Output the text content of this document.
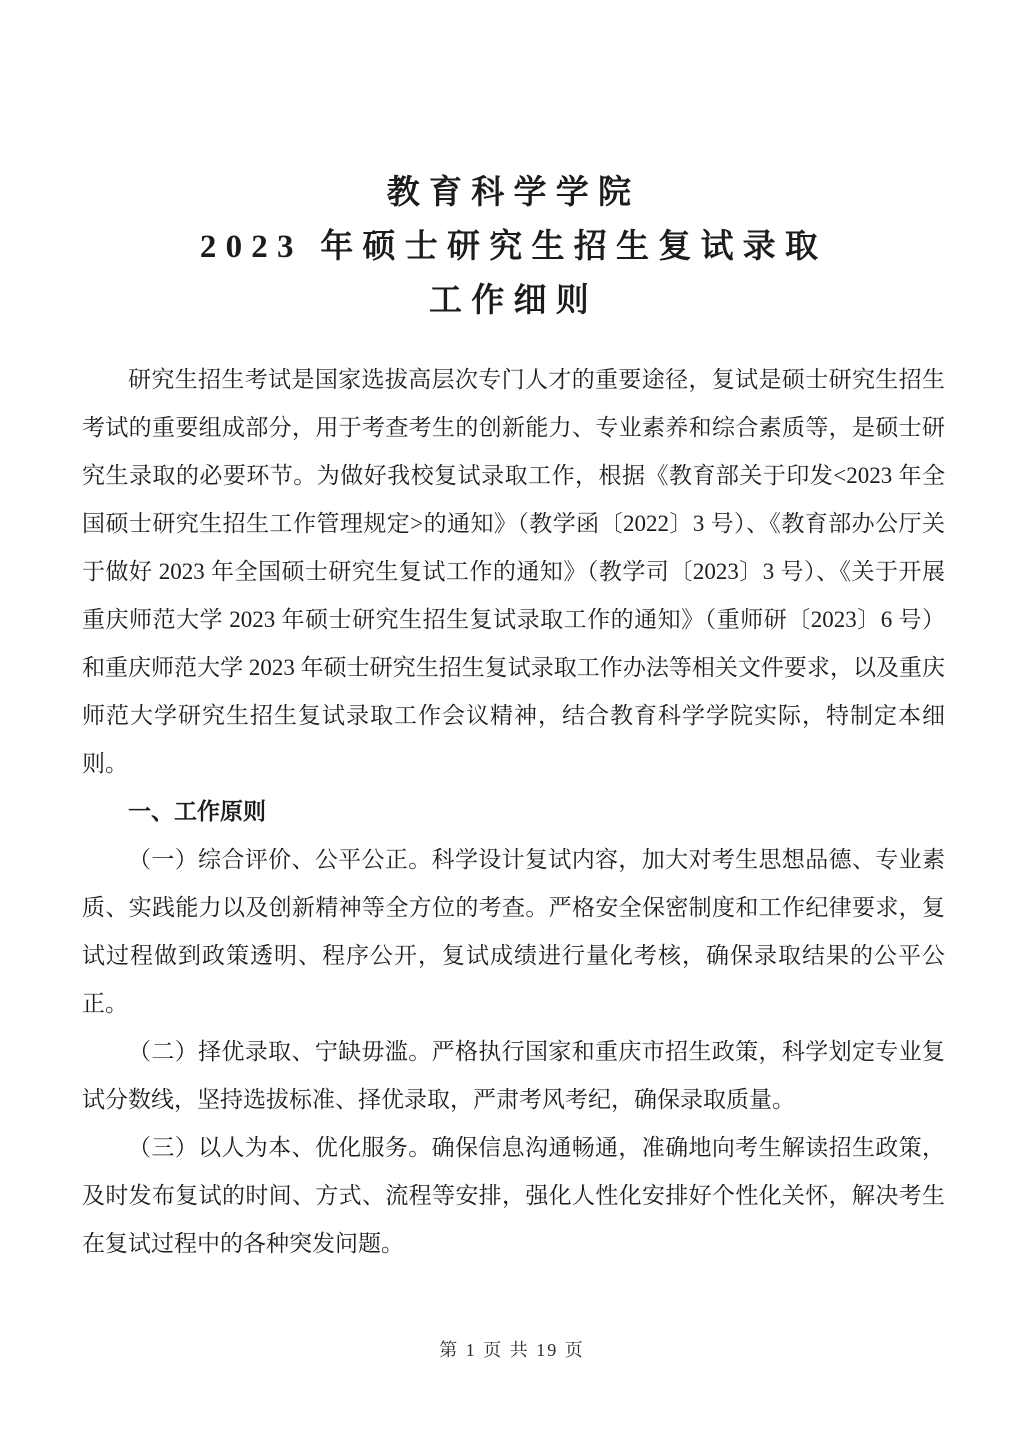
教育科学学院
2023 年硕士研究生招生复试录取
工作细则

研究生招生考试是国家选拔高层次专门人才的重要途径，复试是硕士研究生招生考试的重要组成部分，用于考查考生的创新能力、专业素养和综合素质等，是硕士研究生录取的必要环节。为做好我校复试录取工作，根据《教育部关于印发<2023 年全国硕士研究生招生工作管理规定>的通知》（教学函〔2022〕3 号）、《教育部办公厅关于做好 2023 年全国硕士研究生复试工作的通知》（教学司〔2023〕3 号）、《关于开展重庆师范大学 2023 年硕士研究生招生复试录取工作的通知》（重师研〔2023〕6 号）和重庆师范大学 2023 年硕士研究生招生复试录取工作办法等相关文件要求，以及重庆师范大学研究生招生复试录取工作会议精神，结合教育科学学院实际，特制定本细则。

一、工作原则

（一）综合评价、公平公正。科学设计复试内容，加大对考生思想品德、专业素质、实践能力以及创新精神等全方位的考查。严格安全保密制度和工作纪律要求，复试过程做到政策透明、程序公开，复试成绩进行量化考核，确保录取结果的公平公正。

（二）择优录取、宁缺毋滥。严格执行国家和重庆市招生政策，科学划定专业复试分数线，坚持选拔标准、择优录取，严肃考风考纪，确保录取质量。

（三）以人为本、优化服务。确保信息沟通畅通，准确地向考生解读招生政策，及时发布复试的时间、方式、流程等安排，强化人性化安排好个性化关怀，解决考生在复试过程中的各种突发问题。

第 1 页 共 19 页
